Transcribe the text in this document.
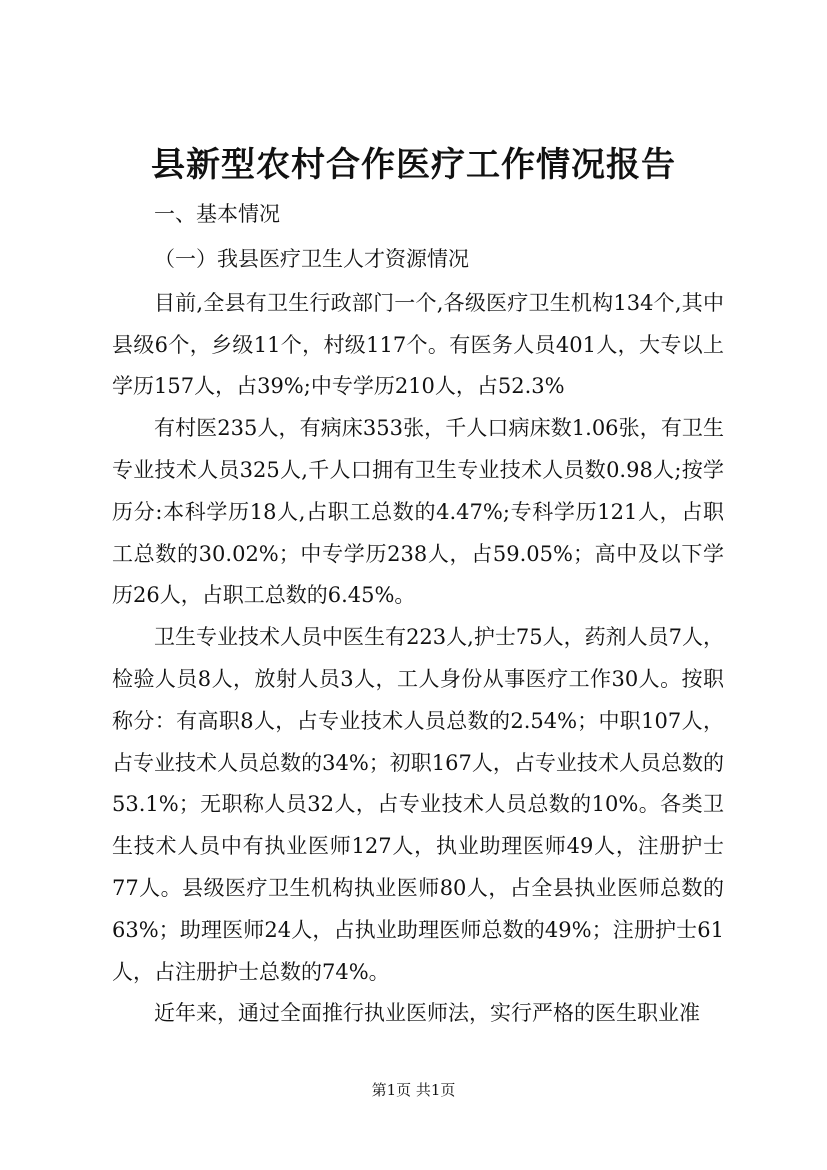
县新型农村合作医疗工作情况报告

一、基本情况

（一）我县医疗卫生人才资源情况

目前,全县有卫生行政部门一个,各级医疗卫生机构134个,其中县级6个，乡级11个，村级117个。有医务人员401人，大专以上学历157人，占39%;中专学历210人，占52.3%

有村医235人，有病床353张，千人口病床数1.06张，有卫生专业技术人员325人,千人口拥有卫生专业技术人员数0.98人;按学历分:本科学历18人,占职工总数的4.47%;专科学历121人，占职工总数的30.02%；中专学历238人，占59.05%；高中及以下学历26人，占职工总数的6.45%。

卫生专业技术人员中医生有223人,护士75人，药剂人员7人，检验人员8人，放射人员3人，工人身份从事医疗工作30人。按职称分：有高职8人，占专业技术人员总数的2.54%；中职107人，占专业技术人员总数的34%；初职167人，占专业技术人员总数的53.1%；无职称人员32人，占专业技术人员总数的10%。各类卫生技术人员中有执业医师127人，执业助理医师49人，注册护士77人。县级医疗卫生机构执业医师80人，占全县执业医师总数的63%；助理医师24人，占执业助理医师总数的49%；注册护士61人，占注册护士总数的74%。

近年来，通过全面推行执业医师法，实行严格的医生职业准

第1页 共1页
